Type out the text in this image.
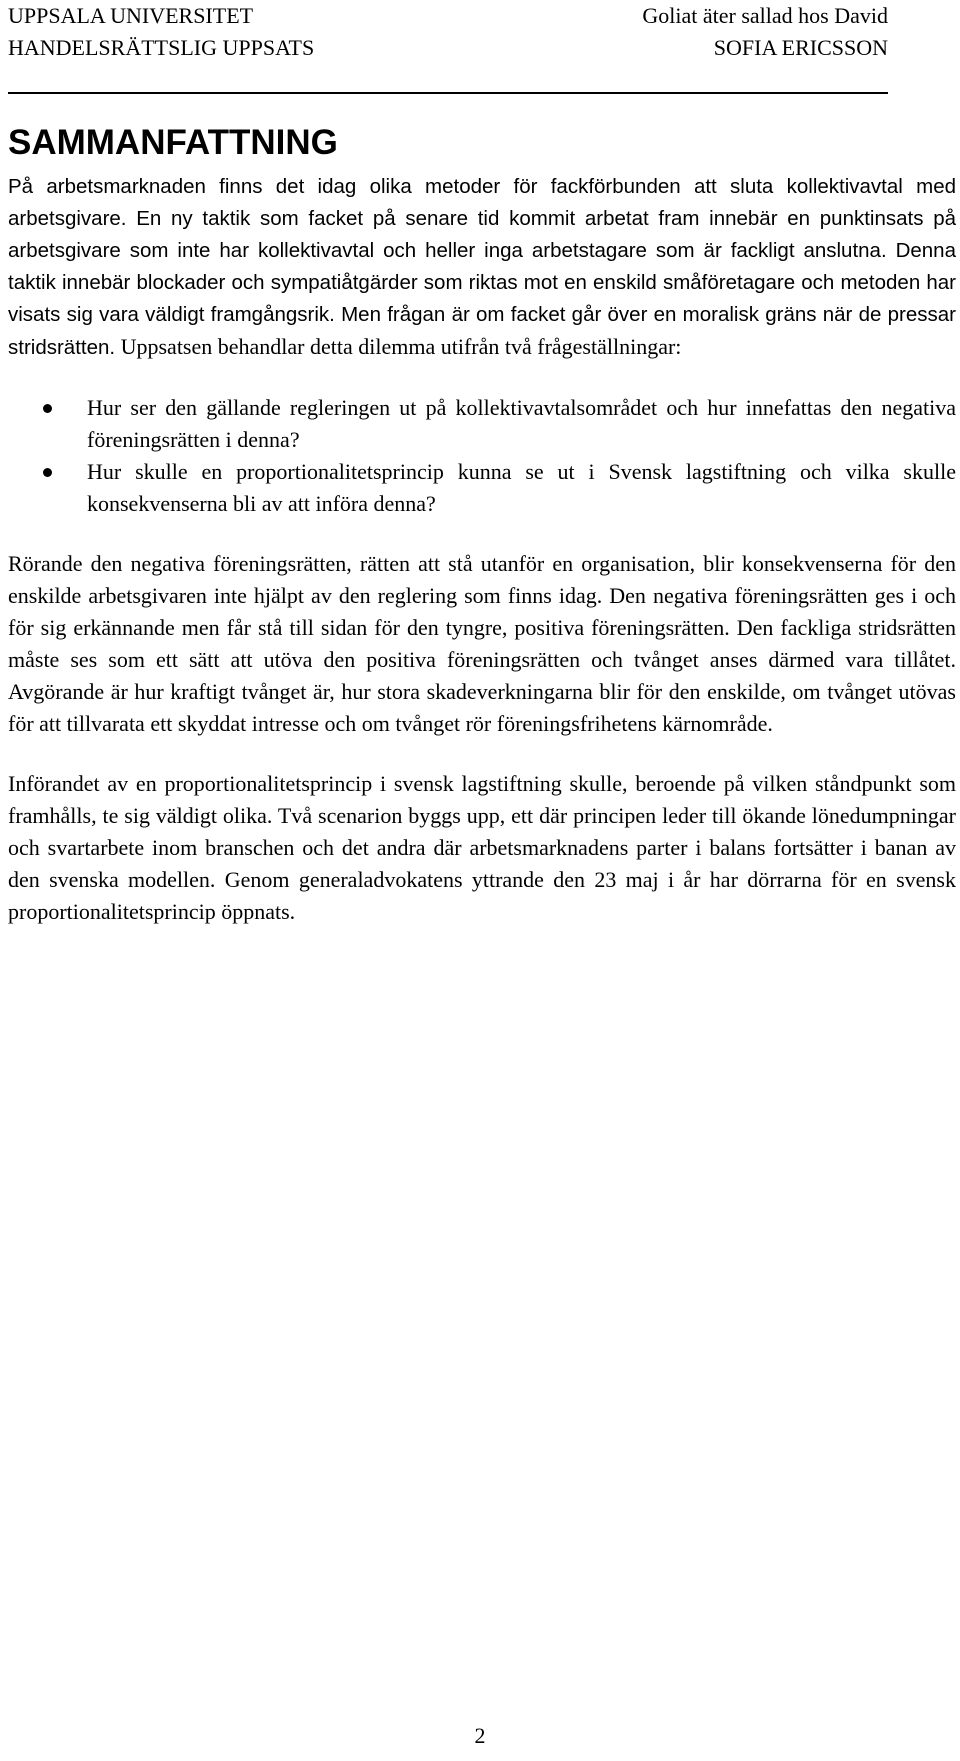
UPPSALA UNIVERSITET	Goliat äter sallad hos David
HANDELSRÄTTSLIG UPPSATS	SOFIA ERICSSON
SAMMANFATTNING

På arbetsmarknaden finns det idag olika metoder för fackförbunden att sluta kollektivavtal med arbetsgivare. En ny taktik som facket på senare tid kommit arbetat fram innebär en punktinsats på arbetsgivare som inte har kollektivavtal och heller inga arbetstagare som är fackligt anslutna. Denna taktik innebär blockader och sympatiåtgärder som riktas mot en enskild småföretagare och metoden har visats sig vara väldigt framgångsrik. Men frågan är om facket går över en moralisk gräns när de pressar stridsrätten. Uppsatsen behandlar detta dilemma utifrån två frågeställningar:

Hur ser den gällande regleringen ut på kollektivavtalsområdet och hur innefattas den negativa föreningsrätten i denna?
Hur skulle en proportionalitetsprincip kunna se ut i Svensk lagstiftning och vilka skulle konsekvenserna bli av att införa denna?

Rörande den negativa föreningsrätten, rätten att stå utanför en organisation, blir konsekvenserna för den enskilde arbetsgivaren inte hjälpt av den reglering som finns idag. Den negativa föreningsrätten ges i och för sig erkännande men får stå till sidan för den tyngre, positiva föreningsrätten. Den fackliga stridsrätten måste ses som ett sätt att utöva den positiva föreningsrätten och tvånget anses därmed vara tillåtet. Avgörande är hur kraftigt tvånget är, hur stora skadeverkningarna blir för den enskilde, om tvånget utövas för att tillvarata ett skyddat intresse och om tvånget rör föreningsfrihetens kärnområde.

Införandet av en proportionalitetsprincip i svensk lagstiftning skulle, beroende på vilken ståndpunkt som framhålls, te sig väldigt olika. Två scenarion byggs upp, ett där principen leder till ökande lönedumpningar och svartarbete inom branschen och det andra där arbetsmarknadens parter i balans fortsätter i banan av den svenska modellen. Genom generaladvokatens yttrande den 23 maj i år har dörrarna för en svensk proportionalitetsprincip öppnats.

2
